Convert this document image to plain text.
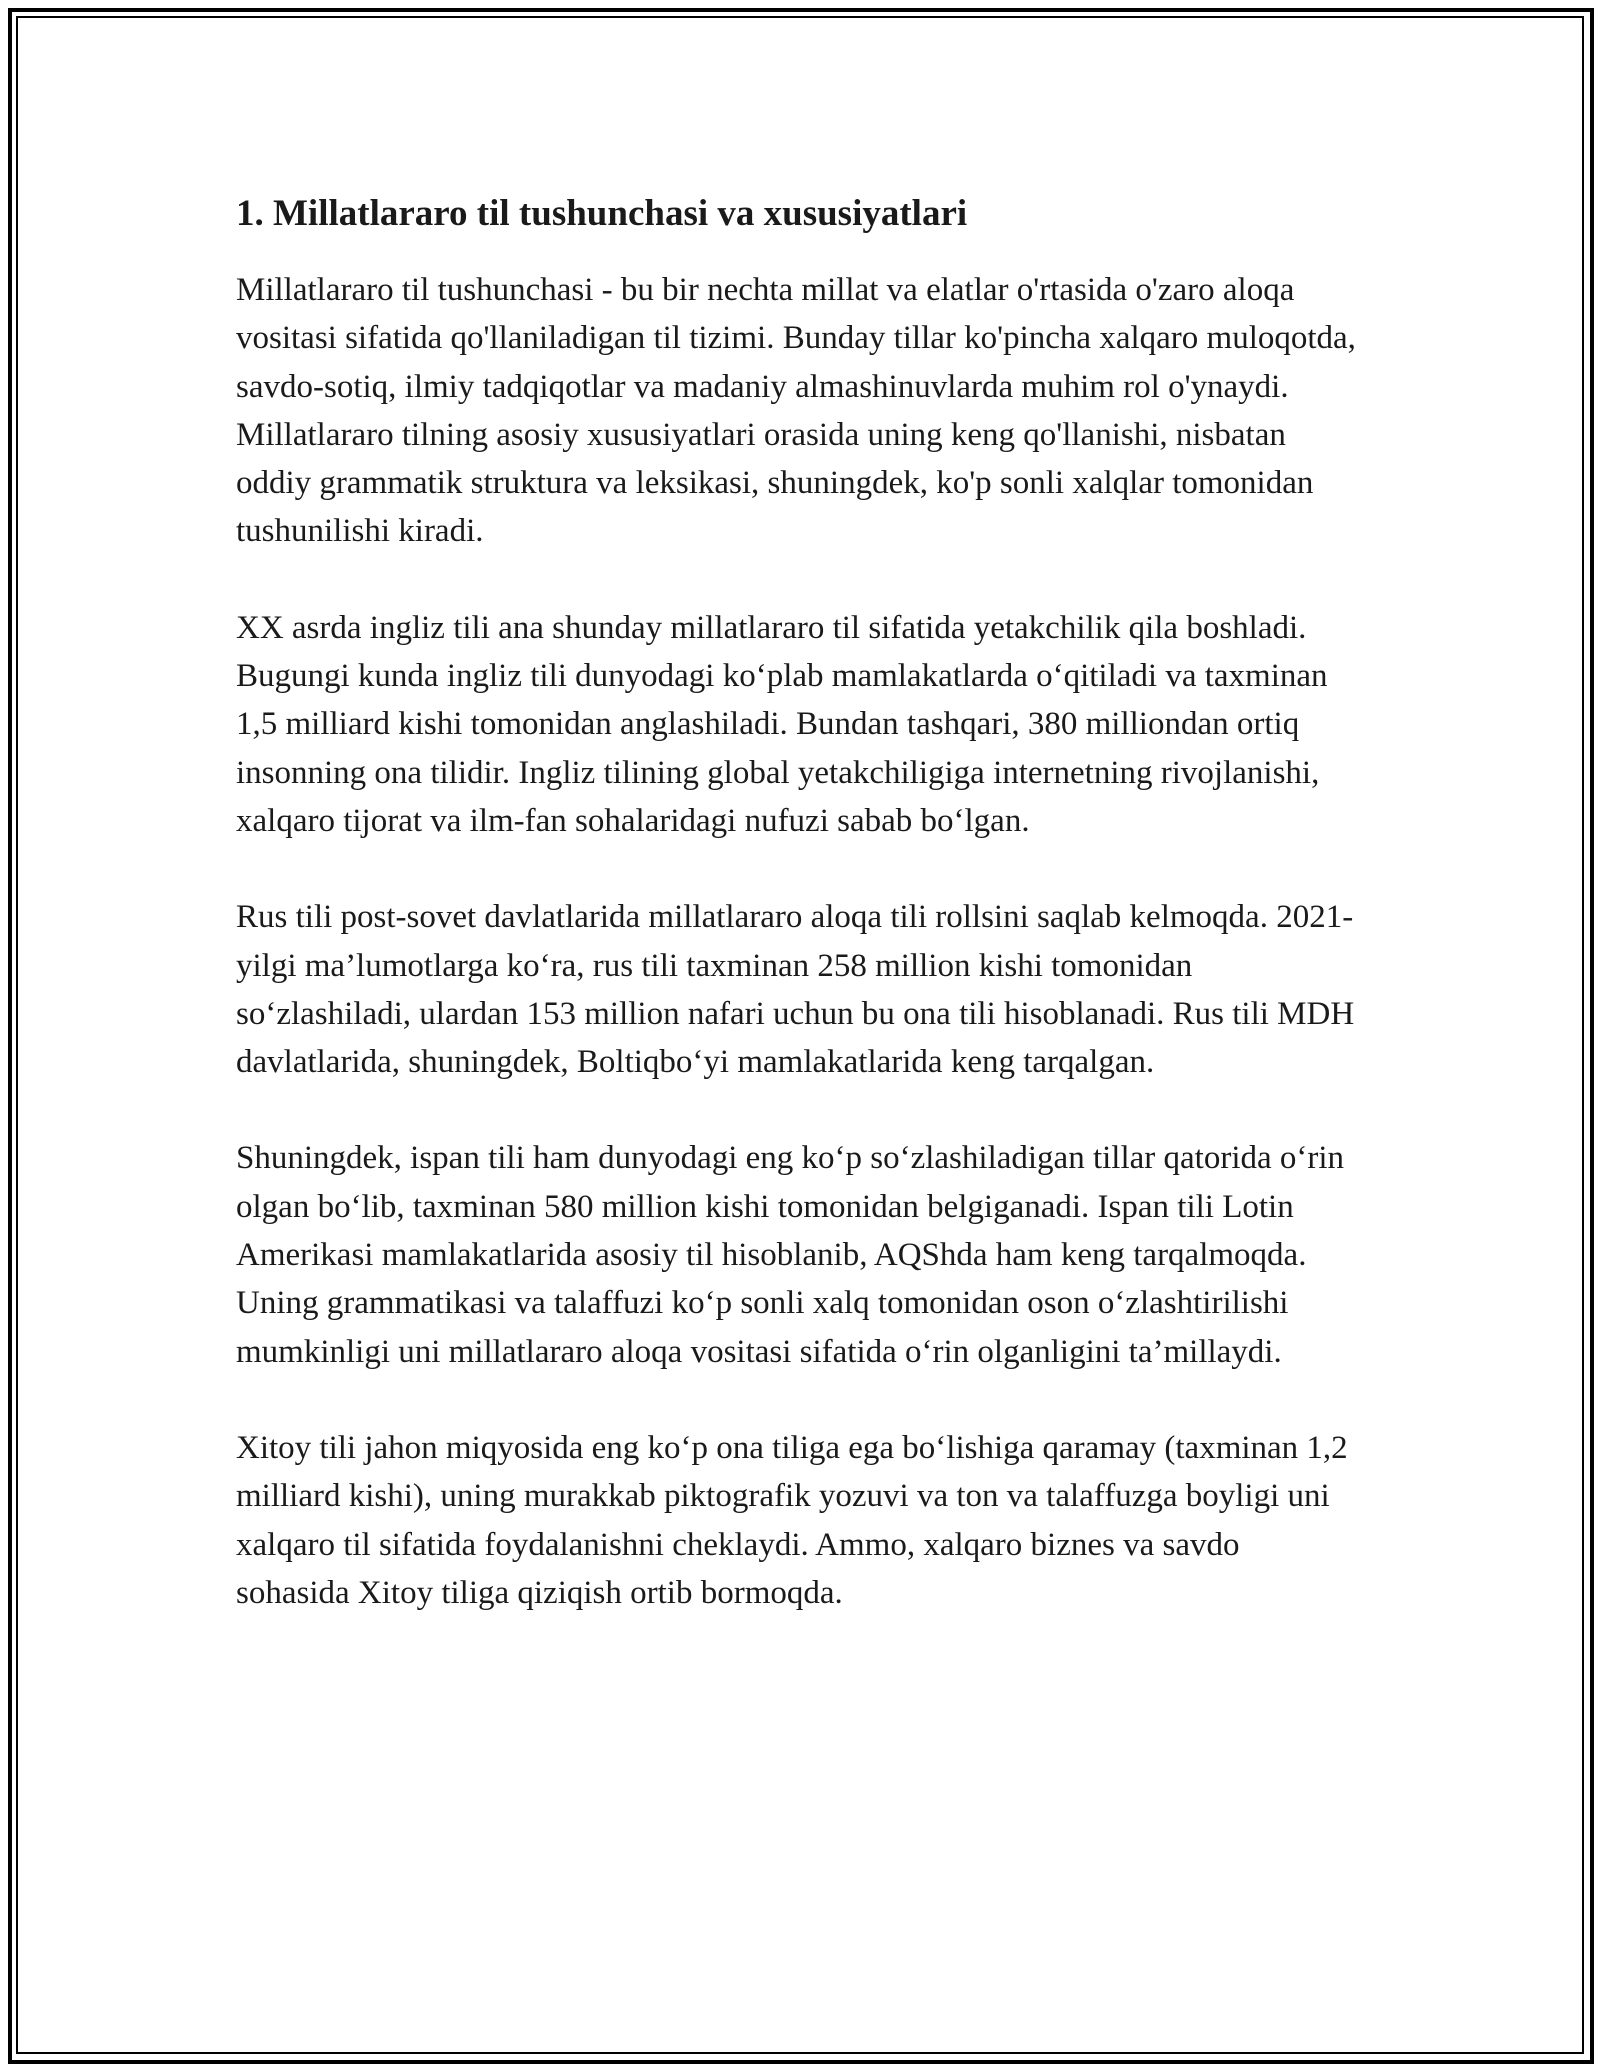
1. Millatlararo til tushunchasi va xususiyatlari

Millatlararo til tushunchasi - bu bir nechta millat va elatlar o'rtasida o'zaro aloqa vositasi sifatida qo'llaniladigan til tizimi. Bunday tillar ko'pincha xalqaro muloqotda, savdo-sotiq, ilmiy tadqiqotlar va madaniy almashinuvlarda muhim rol o'ynaydi. Millatlararo tilning asosiy xususiyatlari orasida uning keng qo'llanishi, nisbatan oddiy grammatik struktura va leksikasi, shuningdek, ko'p sonli xalqlar tomonidan tushunilishi kiradi.

XX asrda ingliz tili ana shunday millatlararo til sifatida yetakchilik qila boshladi. Bugungi kunda ingliz tili dunyodagi ko‘plab mamlakatlarda o‘qitiladi va taxminan 1,5 milliard kishi tomonidan anglashiladi. Bundan tashqari, 380 milliondan ortiq insonning ona tilidir. Ingliz tilining global yetakchiligiga internetning rivojlanishi, xalqaro tijorat va ilm-fan sohalaridagi nufuzi sabab bo‘lgan.

Rus tili post-sovet davlatlarida millatlararo aloqa tili rollsini saqlab kelmoqda. 2021-yilgi ma’lumotlarga ko‘ra, rus tili taxminan 258 million kishi tomonidan so‘zlashiladi, ulardan 153 million nafari uchun bu ona tili hisoblanadi. Rus tili MDH davlatlarida, shuningdek, Boltiqbo‘yi mamlakatlarida keng tarqalgan.

Shuningdek, ispan tili ham dunyodagi eng ko‘p so‘zlashiladigan tillar qatorida o‘rin olgan bo‘lib, taxminan 580 million kishi tomonidan belgiganadi. Ispan tili Lotin Amerikasi mamlakatlarida asosiy til hisoblanib, AQShda ham keng tarqalmoqda. Uning grammatikasi va talaffuzi ko‘p sonli xalq tomonidan oson o‘zlashtirilishi mumkinligi uni millatlararo aloqa vositasi sifatida o‘rin olganligini ta’millaydi.

Xitoy tili jahon miqyosida eng ko‘p ona tiliga ega bo‘lishiga qaramay (taxminan 1,2 milliard kishi), uning murakkab piktografik yozuvi va ton va talaffuzga boyligi uni xalqaro til sifatida foydalanishni cheklaydi. Ammo, xalqaro biznes va savdo sohasida Xitoy tiliga qiziqish ortib bormoqda.
